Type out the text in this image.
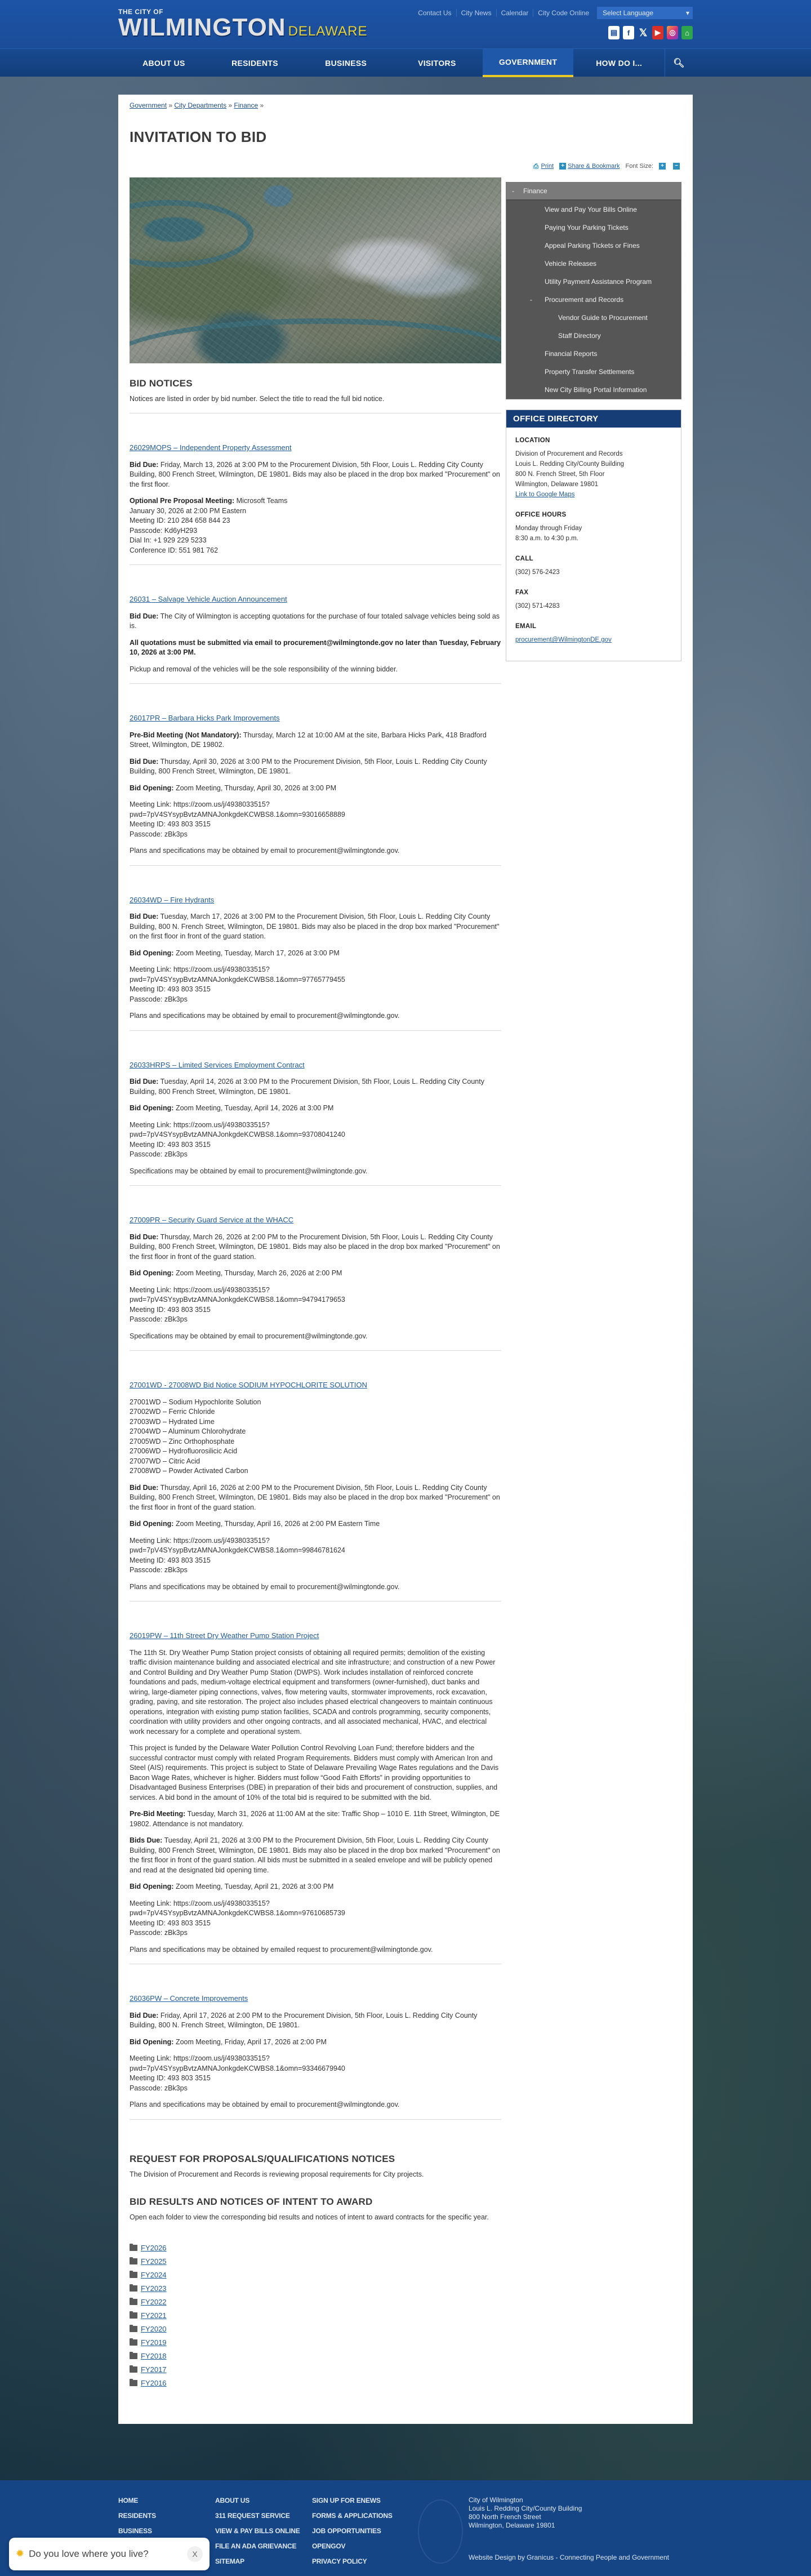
THE CITY OF
WILMINGTON DELAWARE
Contact Us	City News	Calendar	City Code Online	Select Language	▾
▤	f 𝕏	▶	◎	⌂
ABOUT US	RESIDENTS	BUSINESS	VISITORS	GOVERNMENT	HOW DO I...	🔍︎
Government » City Departments » Finance »
INVITATION TO BID
⎙ Print	+ Share & Bookmark Font Size:	+	−
BID NOTICES

Notices are listed in order by bid number. Select the title to read the full bid notice.

26029MOPS – Independent Property Assessment

Bid Due: Friday, March 13, 2026 at 3:00 PM to the Procurement Division, 5th Floor, Louis L. Redding City County Building, 800 French Street, Wilmington, DE 19801. Bids may also be placed in the drop box marked "Procurement" on the first floor.

Optional Pre Proposal Meeting: Microsoft Teams
January 30, 2026 at 2:00 PM Eastern
Meeting ID: 210 284 658 844 23
Passcode: Kd6yH293
Dial In: +1 929 229 5233
Conference ID: 551 981 762

26031 – Salvage Vehicle Auction Announcement

Bid Due: The City of Wilmington is accepting quotations for the purchase of four totaled salvage vehicles being sold as is.

All quotations must be submitted via email to procurement@wilmingtonde.gov no later than Tuesday, February 10, 2026 at 3:00 PM.

Pickup and removal of the vehicles will be the sole responsibility of the winning bidder.

26017PR – Barbara Hicks Park Improvements

Pre-Bid Meeting (Not Mandatory): Thursday, March 12 at 10:00 AM at the site, Barbara Hicks Park, 418 Bradford Street, Wilmington, DE 19802.

Bid Due: Thursday, April 30, 2026 at 3:00 PM to the Procurement Division, 5th Floor, Louis L. Redding City County Building, 800 French Street, Wilmington, DE 19801.

Bid Opening: Zoom Meeting, Thursday, April 30, 2026 at 3:00 PM

Meeting Link: https://zoom.us/j/4938033515?
pwd=7pV4SYsypBvtzAMNAJonkgdeKCWBS8.1&omn=93016658889
Meeting ID: 493 803 3515
Passcode: zBk3ps

Plans and specifications may be obtained by email to procurement@wilmingtonde.gov.

26034WD – Fire Hydrants

Bid Due: Tuesday, March 17, 2026 at 3:00 PM to the Procurement Division, 5th Floor, Louis L. Redding City County Building, 800 N. French Street, Wilmington, DE 19801. Bids may also be placed in the drop box marked "Procurement" on the first floor in front of the guard station.

Bid Opening: Zoom Meeting, Tuesday, March 17, 2026 at 3:00 PM

Meeting Link: https://zoom.us/j/4938033515?
pwd=7pV4SYsypBvtzAMNAJonkgdeKCWBS8.1&omn=97765779455
Meeting ID: 493 803 3515
Passcode: zBk3ps

Plans and specifications may be obtained by email to procurement@wilmingtonde.gov.

26033HRPS – Limited Services Employment Contract

Bid Due: Tuesday, April 14, 2026 at 3:00 PM to the Procurement Division, 5th Floor, Louis L. Redding City County Building, 800 French Street, Wilmington, DE 19801.

Bid Opening: Zoom Meeting, Tuesday, April 14, 2026 at 3:00 PM

Meeting Link: https://zoom.us/j/4938033515?
pwd=7pV4SYsypBvtzAMNAJonkgdeKCWBS8.1&omn=93708041240
Meeting ID: 493 803 3515
Passcode: zBk3ps

Specifications may be obtained by email to procurement@wilmingtonde.gov.

27009PR – Security Guard Service at the WHACC

Bid Due: Thursday, March 26, 2026 at 2:00 PM to the Procurement Division, 5th Floor, Louis L. Redding City County Building, 800 French Street, Wilmington, DE 19801. Bids may also be placed in the drop box marked "Procurement" on the first floor in front of the guard station.

Bid Opening: Zoom Meeting, Thursday, March 26, 2026 at 2:00 PM

Meeting Link: https://zoom.us/j/4938033515?
pwd=7pV4SYsypBvtzAMNAJonkgdeKCWBS8.1&omn=94794179653
Meeting ID: 493 803 3515
Passcode: zBk3ps

Specifications may be obtained by email to procurement@wilmingtonde.gov.

27001WD - 27008WD Bid Notice SODIUM HYPOCHLORITE SOLUTION

27001WD – Sodium Hypochlorite Solution
27002WD – Ferric Chloride
27003WD – Hydrated Lime
27004WD – Aluminum Chlorohydrate
27005WD – Zinc Orthophosphate
27006WD – Hydrofluorosilicic Acid
27007WD – Citric Acid
27008WD – Powder Activated Carbon

Bid Due: Thursday, April 16, 2026 at 2:00 PM to the Procurement Division, 5th Floor, Louis L. Redding City County Building, 800 French Street, Wilmington, DE 19801. Bids may also be placed in the drop box marked "Procurement" on the first floor in front of the guard station.

Bid Opening: Zoom Meeting, Thursday, April 16, 2026 at 2:00 PM Eastern Time

Meeting Link: https://zoom.us/j/4938033515?
pwd=7pV4SYsypBvtzAMNAJonkgdeKCWBS8.1&omn=99846781624
Meeting ID: 493 803 3515
Passcode: zBk3ps

Plans and specifications may be obtained by email to procurement@wilmingtonde.gov.

26019PW – 11th Street Dry Weather Pump Station Project

The 11th St. Dry Weather Pump Station project consists of obtaining all required permits; demolition of the existing traffic division maintenance building and associated electrical and site infrastructure; and construction of a new Power and Control Building and Dry Weather Pump Station (DWPS). Work includes installation of reinforced concrete foundations and pads, medium-voltage electrical equipment and transformers (owner-furnished), duct banks and wiring, large-diameter piping connections, valves, flow metering vaults, stormwater improvements, rock excavation, grading, paving, and site restoration. The project also includes phased electrical changeovers to maintain continuous operations, integration with existing pump station facilities, SCADA and controls programming, security components, coordination with utility providers and other ongoing contracts, and all associated mechanical, HVAC, and electrical work necessary for a complete and operational system.

This project is funded by the Delaware Water Pollution Control Revolving Loan Fund; therefore bidders and the successful contractor must comply with related Program Requirements. Bidders must comply with American Iron and Steel (AIS) requirements. This project is subject to State of Delaware Prevailing Wage Rates regulations and the Davis Bacon Wage Rates, whichever is higher. Bidders must follow “Good Faith Efforts” in providing opportunities to Disadvantaged Business Enterprises (DBE) in preparation of their bids and procurement of construction, supplies, and services. A bid bond in the amount of 10% of the total bid is required to be submitted with the bid.

Pre-Bid Meeting: Tuesday, March 31, 2026 at 11:00 AM at the site: Traffic Shop – 1010 E. 11th Street, Wilmington, DE 19802. Attendance is not mandatory.

Bids Due: Tuesday, April 21, 2026 at 3:00 PM to the Procurement Division, 5th Floor, Louis L. Redding City County Building, 800 French Street, Wilmington, DE 19801. Bids may also be placed in the drop box marked "Procurement" on the first floor in front of the guard station. All bids must be submitted in a sealed envelope and will be publicly opened and read at the designated bid opening time.

Bid Opening: Zoom Meeting, Tuesday, April 21, 2026 at 3:00 PM

Meeting Link: https://zoom.us/j/4938033515?
pwd=7pV4SYsypBvtzAMNAJonkgdeKCWBS8.1&omn=97610685739
Meeting ID: 493 803 3515
Passcode: zBk3ps

Plans and specifications may be obtained by emailed request to procurement@wilmingtonde.gov.

26036PW – Concrete Improvements

Bid Due: Friday, April 17, 2026 at 2:00 PM to the Procurement Division, 5th Floor, Louis L. Redding City County Building, 800 N. French Street, Wilmington, DE 19801.

Bid Opening: Zoom Meeting, Friday, April 17, 2026 at 2:00 PM

Meeting Link: https://zoom.us/j/4938033515?
pwd=7pV4SYsypBvtzAMNAJonkgdeKCWBS8.1&omn=93346679940
Meeting ID: 493 803 3515
Passcode: zBk3ps

Plans and specifications may be obtained by email to procurement@wilmingtonde.gov.

REQUEST FOR PROPOSALS/QUALIFICATIONS NOTICES

The Division of Procurement and Records is reviewing proposal requirements for City projects.

BID RESULTS AND NOTICES OF INTENT TO AWARD

Open each folder to view the corresponding bid results and notices of intent to award contracts for the specific year.

FY2026
FY2025
FY2024
FY2023
FY2022
FY2021
FY2020
FY2019
FY2018
FY2017
FY2016
- Finance
View and Pay Your Bills Online
Paying Your Parking Tickets
Appeal Parking Tickets or Fines
Vehicle Releases
Utility Payment Assistance Program
- Procurement and Records
Vendor Guide to Procurement
Staff Directory
Financial Reports
Property Transfer Settlements
New City Billing Portal Information
OFFICE DIRECTORY
LOCATION
Division of Procurement and Records
Louis L. Redding City/County Building
800 N. French Street, 5th Floor
Wilmington, Delaware 19801
Link to Google Maps
OFFICE HOURS
Monday through Friday
8:30 a.m. to 4:30 p.m.
CALL
(302) 576-2423
FAX
(302) 571-4283
EMAIL
procurement@WilmingtonDE.gov
HOME
RESIDENTS
BUSINESS
ABOUT US
311 REQUEST SERVICE
VIEW & PAY BILLS ONLINE
FILE AN ADA GRIEVANCE
SITEMAP
SIGN UP FOR ENEWS
FORMS & APPLICATIONS
JOB OPPORTUNITIES
OPENGOV
PRIVACY POLICY
City of Wilmington
Louis L. Redding City/County Building
800 North French Street
Wilmington, Delaware 19801
Website Design by Granicus - Connecting People and Government
✹ Do you love where you live?	X
